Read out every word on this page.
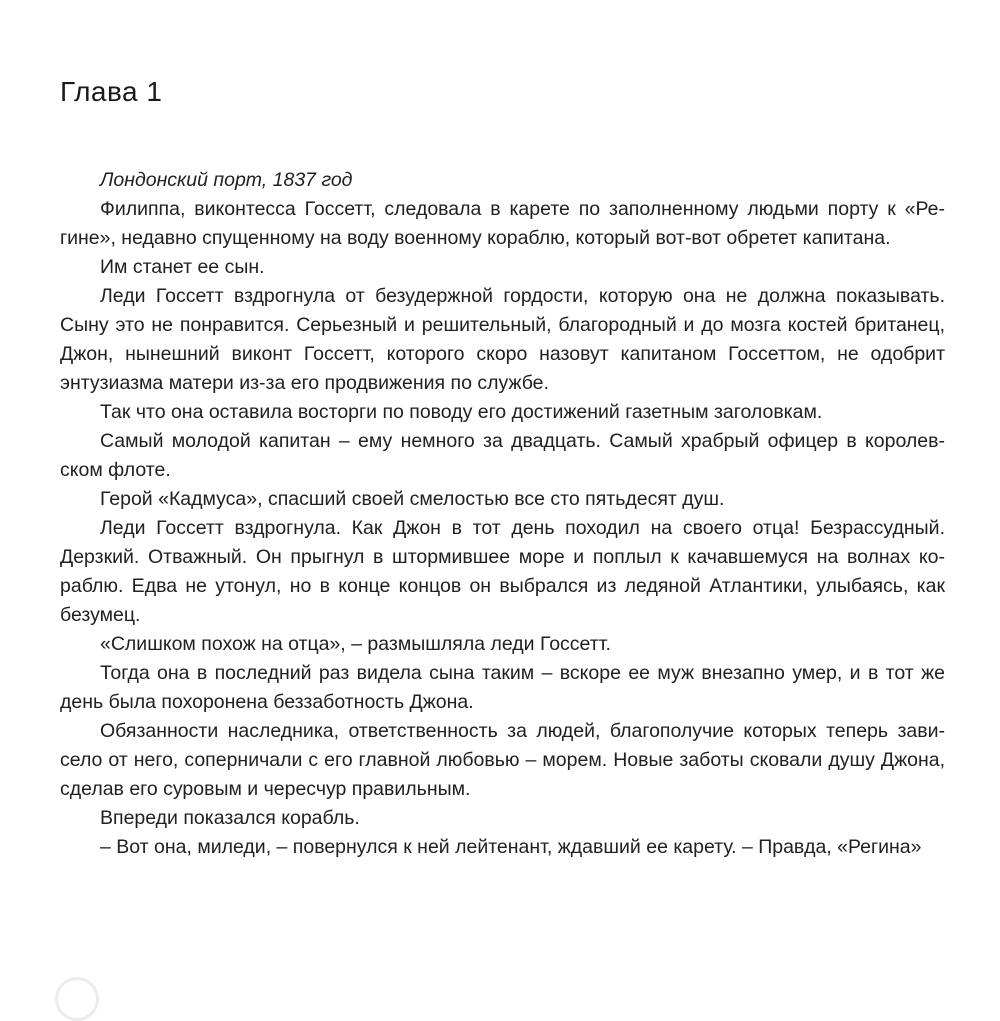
Глава 1

Лондонский порт, 1837 год

Филиппа, виконтесса Госсетт, следовала в карете по заполненному людьми порту к «Регине», недавно спущенному на воду военному кораблю, который вот-вот обретет капитана.

Им станет ее сын.

Леди Госсетт вздрогнула от безудержной гордости, которую она не должна показывать. Сыну это не понравится. Серьезный и решительный, благородный и до мозга костей британец, Джон, нынешний виконт Госсетт, которого скоро назовут капитаном Госсеттом, не одобрит энтузиазма матери из-за его продвижения по службе.

Так что она оставила восторги по поводу его достижений газетным заголовкам.

Самый молодой капитан – ему немного за двадцать. Самый храбрый офицер в королевском флоте.

Герой «Кадмуса», спасший своей смелостью все сто пятьдесят душ.

Леди Госсетт вздрогнула. Как Джон в тот день походил на своего отца! Безрассудный. Дерзкий. Отважный. Он прыгнул в штормившее море и поплыл к качавшемуся на волнах кораблю. Едва не утонул, но в конце концов он выбрался из ледяной Атлантики, улыбаясь, как безумец.

«Слишком похож на отца», – размышляла леди Госсетт.

Тогда она в последний раз видела сына таким – вскоре ее муж внезапно умер, и в тот же день была похоронена беззаботность Джона.

Обязанности наследника, ответственность за людей, благополучие которых теперь зависело от него, соперничали с его главной любовью – морем. Новые заботы сковали душу Джона, сделав его суровым и чересчур правильным.

Впереди показался корабль.

– Вот она, миледи, – повернулся к ней лейтенант, ждавший ее карету. – Правда, «Регина»
